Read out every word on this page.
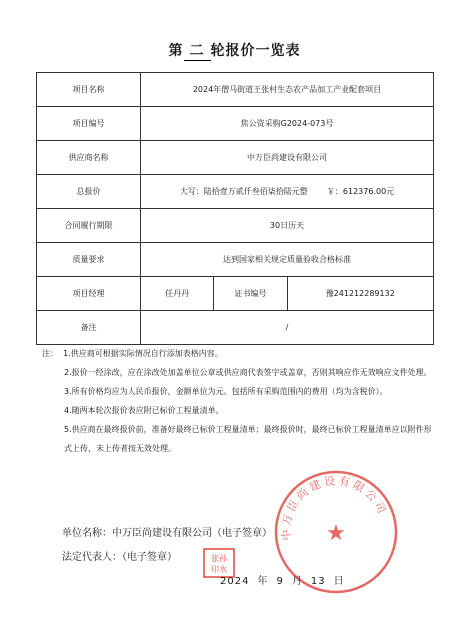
第 二 轮报价一览表
项目名称	2024年僧马街道王张村生态农产品加工产业配套项目		
项目编号	焦公资采购G2024-073号		
供应商名称	中万臣尚建设有限公司		
总报价	大写：陆拾壹万贰仟叁佰柒拾陆元整 ￥：612376.00元		
合同履行期限	30日历天		
质量要求	达到国家相关规定质量验收合格标准		
项目经理	任丹丹	证书编号	豫241212289132
备注	/		

注： 1.供应商可根据实际情况自行添加表格内容。

2.报价一经涂改，应在涂改处加盖单位公章或供应商代表签字或盖章，否则其响应作无效响应文件处理。

3.所有价格均应为人民币报价，金额单位为元。包括所有采购范围内的费用（均为含税价）。

4.随两本轮次报价表应附已标价工程量清单。

5.供应商在最终报价前，准备好最终已标价工程量清单；最终报价时，最终已标价工程量清单应以附件形式上传，未上传者按无效处理。

单位名称：中万臣尚建设有限公司（电子签章）
法定代表人：（电子签章）
中万臣尚建设有限公司
★
张孙
印水
2024 年 9 月 13 日
